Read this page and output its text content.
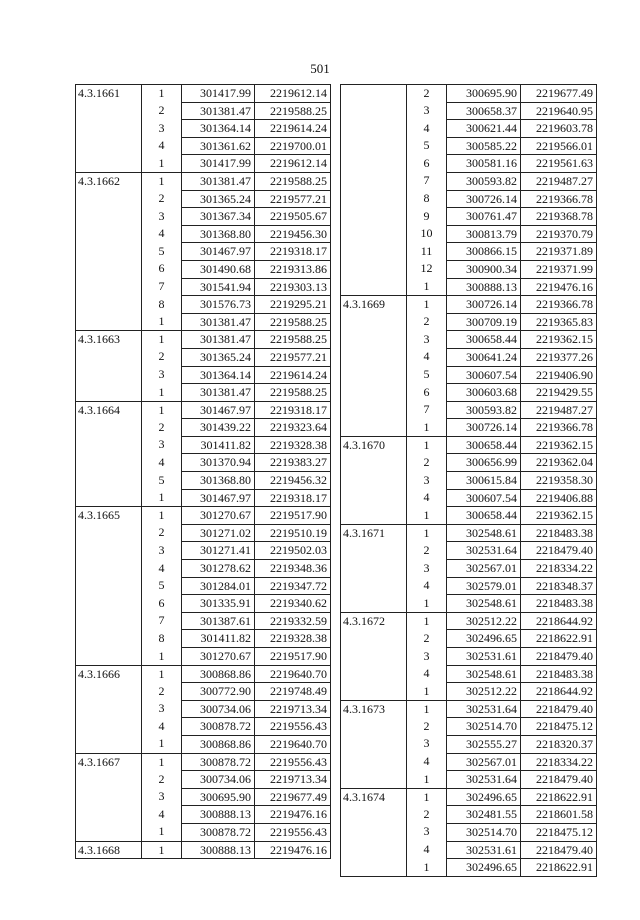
501
4.3.1661	1	301417.99	2219612.14
	2	301381.47	2219588.25
	3	301364.14	2219614.24
	4	301361.62	2219700.01
	1	301417.99	2219612.14
4.3.1662	1	301381.47	2219588.25
	2	301365.24	2219577.21
	3	301367.34	2219505.67
	4	301368.80	2219456.30
	5	301467.97	2219318.17
	6	301490.68	2219313.86
	7	301541.94	2219303.13
	8	301576.73	2219295.21
	1	301381.47	2219588.25
4.3.1663	1	301381.47	2219588.25
	2	301365.24	2219577.21
	3	301364.14	2219614.24
	1	301381.47	2219588.25
4.3.1664	1	301467.97	2219318.17
	2	301439.22	2219323.64
	3	301411.82	2219328.38
	4	301370.94	2219383.27
	5	301368.80	2219456.32
	1	301467.97	2219318.17
4.3.1665	1	301270.67	2219517.90
	2	301271.02	2219510.19
	3	301271.41	2219502.03
	4	301278.62	2219348.36
	5	301284.01	2219347.72
	6	301335.91	2219340.62
	7	301387.61	2219332.59
	8	301411.82	2219328.38
	1	301270.67	2219517.90
4.3.1666	1	300868.86	2219640.70
	2	300772.90	2219748.49
	3	300734.06	2219713.34
	4	300878.72	2219556.43
	1	300868.86	2219640.70
4.3.1667	1	300878.72	2219556.43
	2	300734.06	2219713.34
	3	300695.90	2219677.49
	4	300888.13	2219476.16
	1	300878.72	2219556.43
4.3.1668	1	300888.13	2219476.16
	2	300695.90	2219677.49
	3	300658.37	2219640.95
	4	300621.44	2219603.78
	5	300585.22	2219566.01
	6	300581.16	2219561.63
	7	300593.82	2219487.27
	8	300726.14	2219366.78
	9	300761.47	2219368.78
	10	300813.79	2219370.79
	11	300866.15	2219371.89
	12	300900.34	2219371.99
	1	300888.13	2219476.16
4.3.1669	1	300726.14	2219366.78
	2	300709.19	2219365.83
	3	300658.44	2219362.15
	4	300641.24	2219377.26
	5	300607.54	2219406.90
	6	300603.68	2219429.55
	7	300593.82	2219487.27
	1	300726.14	2219366.78
4.3.1670	1	300658.44	2219362.15
	2	300656.99	2219362.04
	3	300615.84	2219358.30
	4	300607.54	2219406.88
	1	300658.44	2219362.15
4.3.1671	1	302548.61	2218483.38
	2	302531.64	2218479.40
	3	302567.01	2218334.22
	4	302579.01	2218348.37
	1	302548.61	2218483.38
4.3.1672	1	302512.22	2218644.92
	2	302496.65	2218622.91
	3	302531.61	2218479.40
	4	302548.61	2218483.38
	1	302512.22	2218644.92
4.3.1673	1	302531.64	2218479.40
	2	302514.70	2218475.12
	3	302555.27	2218320.37
	4	302567.01	2218334.22
	1	302531.64	2218479.40
4.3.1674	1	302496.65	2218622.91
	2	302481.55	2218601.58
	3	302514.70	2218475.12
	4	302531.61	2218479.40
	1	302496.65	2218622.91
